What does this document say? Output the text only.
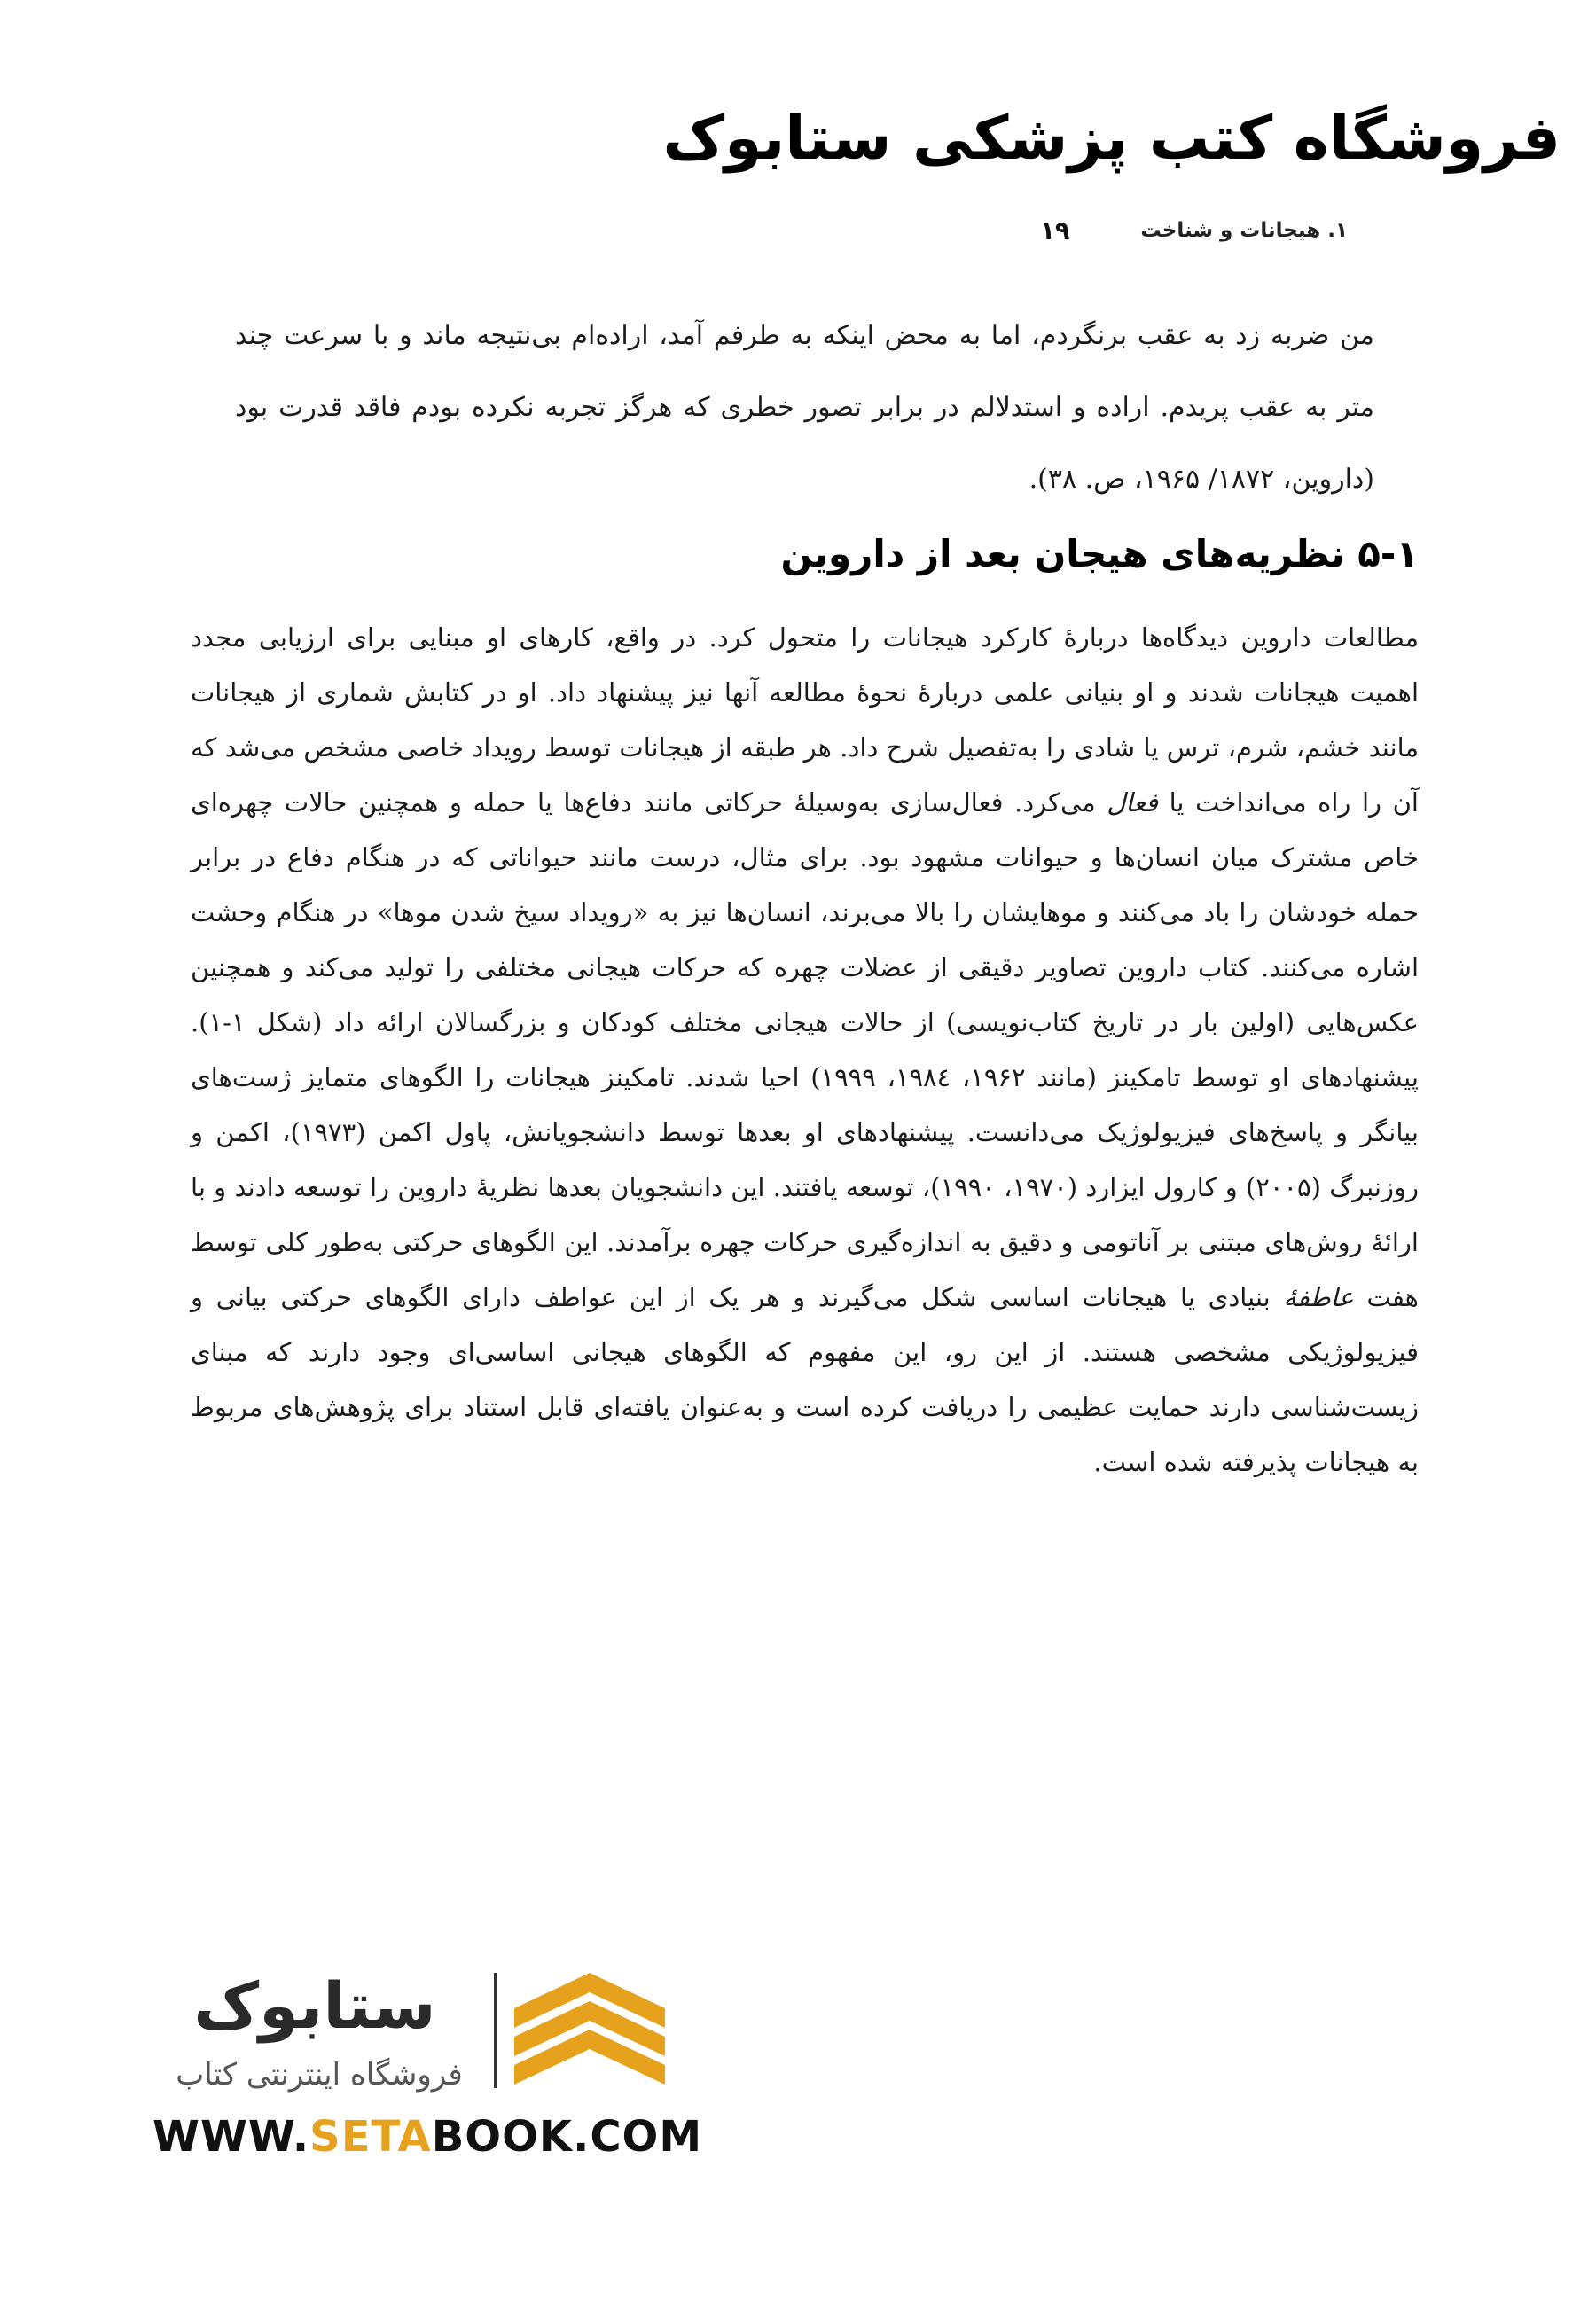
فروشگاه کتب پزشکی ستابوک
۱. هیجانات و شناخت
۱۹

من ضربه زد به عقب برنگردم، اما به محض اینکه به طرفم آمد، اراده‌ام بی‌نتیجه ماند و با سرعت چند متر به عقب پریدم. اراده و استدلالم در برابر تصور خطری که هرگز تجربه نکرده بودم فاقد قدرت بود (داروین، ۱۸۷۲/ ۱۹۶۵، ص. ۳۸).

۵-۱ نظریه‌های هیجان بعد از داروین

مطالعات داروین دیدگاه‌ها دربارهٔ کارکرد هیجانات را متحول کرد. در واقع، کارهای او مبنایی برای ارزیابی مجدد اهمیت هیجانات شدند و او بنیانی علمی دربارهٔ نحوهٔ مطالعه آنها نیز پیشنهاد داد. او در کتابش شماری از هیجانات مانند خشم، شرم، ترس یا شادی را به‌تفصیل شرح داد. هر طبقه از هیجانات توسط رویداد خاصی مشخص می‌شد که آن را راه می‌انداخت یا فعال می‌کرد. فعال‌سازی به‌وسیلهٔ حرکاتی مانند دفاع‌ها یا حمله و همچنین حالات چهره‌ای خاص مشترک میان انسان‌ها و حیوانات مشهود بود. برای مثال، درست مانند حیواناتی که در هنگام دفاع در برابر حمله خودشان را باد می‌کنند و موهایشان را بالا می‌برند، انسان‌ها نیز به «رویداد سیخ شدن موها» در هنگام وحشت اشاره می‌کنند. کتاب داروین تصاویر دقیقی از عضلات چهره که حرکات هیجانی مختلفی را تولید می‌کند و همچنین عکس‌هایی (اولین بار در تاریخ کتاب‌نویسی) از حالات هیجانی مختلف کودکان و بزرگسالان ارائه داد (شکل ۱-۱). پیشنهادهای او توسط تامکینز (مانند ۱۹۶۲، ۱۹۸٤، ۱۹۹۹) احیا شدند. تامکینز هیجانات را الگوهای متمایز ژست‌های بیانگر و پاسخ‌های فیزیولوژیک می‌دانست. پیشنهادهای او بعدها توسط دانشجویانش، پاول اکمن (۱۹۷۳)، اکمن و روزنبرگ (۲۰۰۵) و کارول ایزارد (۱۹۷۰، ۱۹۹۰)، توسعه یافتند. این دانشجویان بعدها نظریهٔ داروین را توسعه دادند و با ارائهٔ روش‌های مبتنی بر آناتومی و دقیق به اندازه‌گیری حرکات چهره برآمدند. این الگوهای حرکتی به‌طور کلی توسط هفت عاطفهٔ بنیادی یا هیجانات اساسی شکل می‌گیرند و هر یک از این عواطف دارای الگوهای حرکتی بیانی و فیزیولوژیکی مشخصی هستند. از این رو، این مفهوم که الگوهای هیجانی اساسی‌ای وجود دارند که مبنای زیست‌شناسی دارند حمایت عظیمی را دریافت کرده است و به‌عنوان یافته‌ای قابل استناد برای پژوهش‌های مربوط به هیجانات پذیرفته شده است.

ستابوک
فروشگاه اینترنتی کتاب
WWW.SETABOOK.COM
